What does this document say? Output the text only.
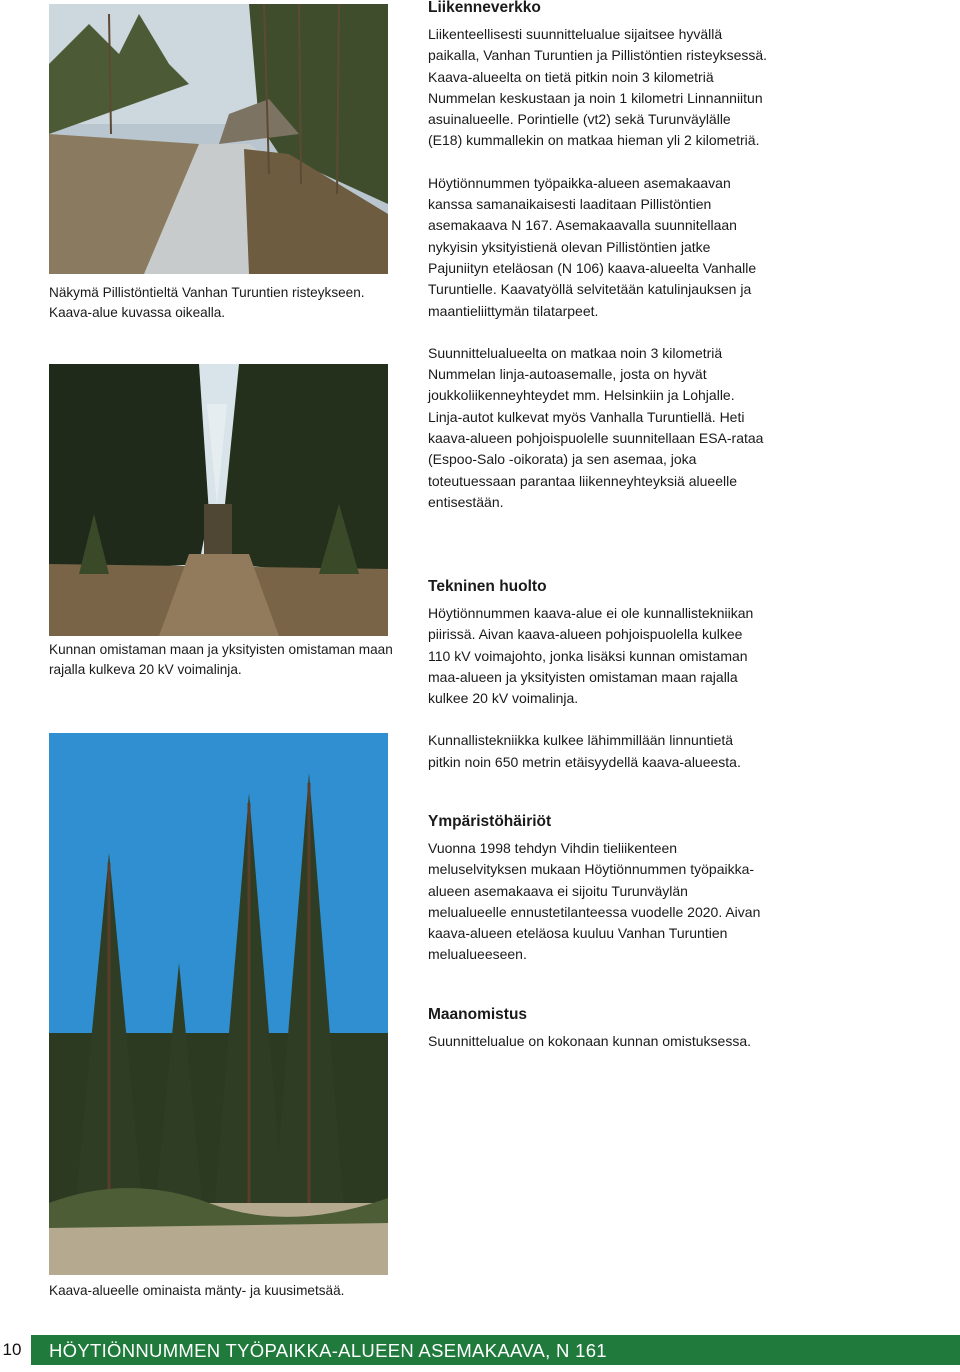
Näkymä Pillistöntieltä Vanhan Turuntien risteykseen. Kaava-alue kuvassa oikealla.
Kunnan omistaman maan ja yksityisten omistaman maan rajalla kulkeva 20 kV voimalinja.
Kaava-alueelle ominaista mänty- ja kuusimetsää.
Liikenneverkko

Liikenteellisesti suunnittelualue sijaitsee hyvällä paikalla, Vanhan Turuntien ja Pillistöntien risteyksessä. Kaava-alueelta on tietä pitkin noin 3 kilometriä Nummelan keskustaan ja noin 1 kilometri Linnanniitun asuinalueelle. Porintielle (vt2) sekä Turunväylälle (E18) kummallekin on matkaa hieman yli 2 kilometriä.

Höytiönnummen työpaikka-alueen asemakaavan kanssa samanaikaisesti laaditaan Pillistöntien asemakaava N 167. Asemakaavalla suunnitellaan nykyisin yksityistienä olevan Pillistöntien jatke Pajuniityn eteläosan (N 106) kaava-alueelta Vanhalle Turuntielle. Kaavatyöllä selvitetään katulinjauksen ja maantieliittymän tilatarpeet.

Suunnittelualueelta on matkaa noin 3 kilometriä Nummelan linja-autoasemalle, josta on hyvät joukkoliikenneyhteydet mm. Helsinkiin ja Lohjalle. Linja-autot kulkevat myös Vanhalla Turuntiellä. Heti kaava-alueen pohjoispuolelle suunnitellaan ESA-rataa (Espoo-Salo -oikorata) ja sen asemaa, joka toteutuessaan parantaa liikenneyhteyksiä alueelle entisestään.

Tekninen huolto

Höytiönnummen kaava-alue ei ole kunnallistekniikan piirissä. Aivan kaava-alueen pohjoispuolella kulkee 110 kV voimajohto, jonka lisäksi kunnan omistaman maa-alueen ja yksityisten omistaman maan rajalla kulkee 20 kV voimalinja.

Kunnallistekniikka kulkee lähimmillään linnuntietä pitkin noin 650 metrin etäisyydellä kaava-alueesta.

Ympäristöhäiriöt

Vuonna 1998 tehdyn Vihdin tieliikenteen meluselvityksen mukaan Höytiönnummen työpaikka-alueen asemakaava ei sijoitu Turunväylän melualueelle ennustetilanteessa vuodelle 2020. Aivan kaava-alueen eteläosa kuuluu Vanhan Turuntien melualueeseen.

Maanomistus

Suunnittelualue on kokonaan kunnan omistuksessa.

10 HÖYTIÖNNUMMEN TYÖPAIKKA-ALUEEN ASEMAKAAVA, N 161
